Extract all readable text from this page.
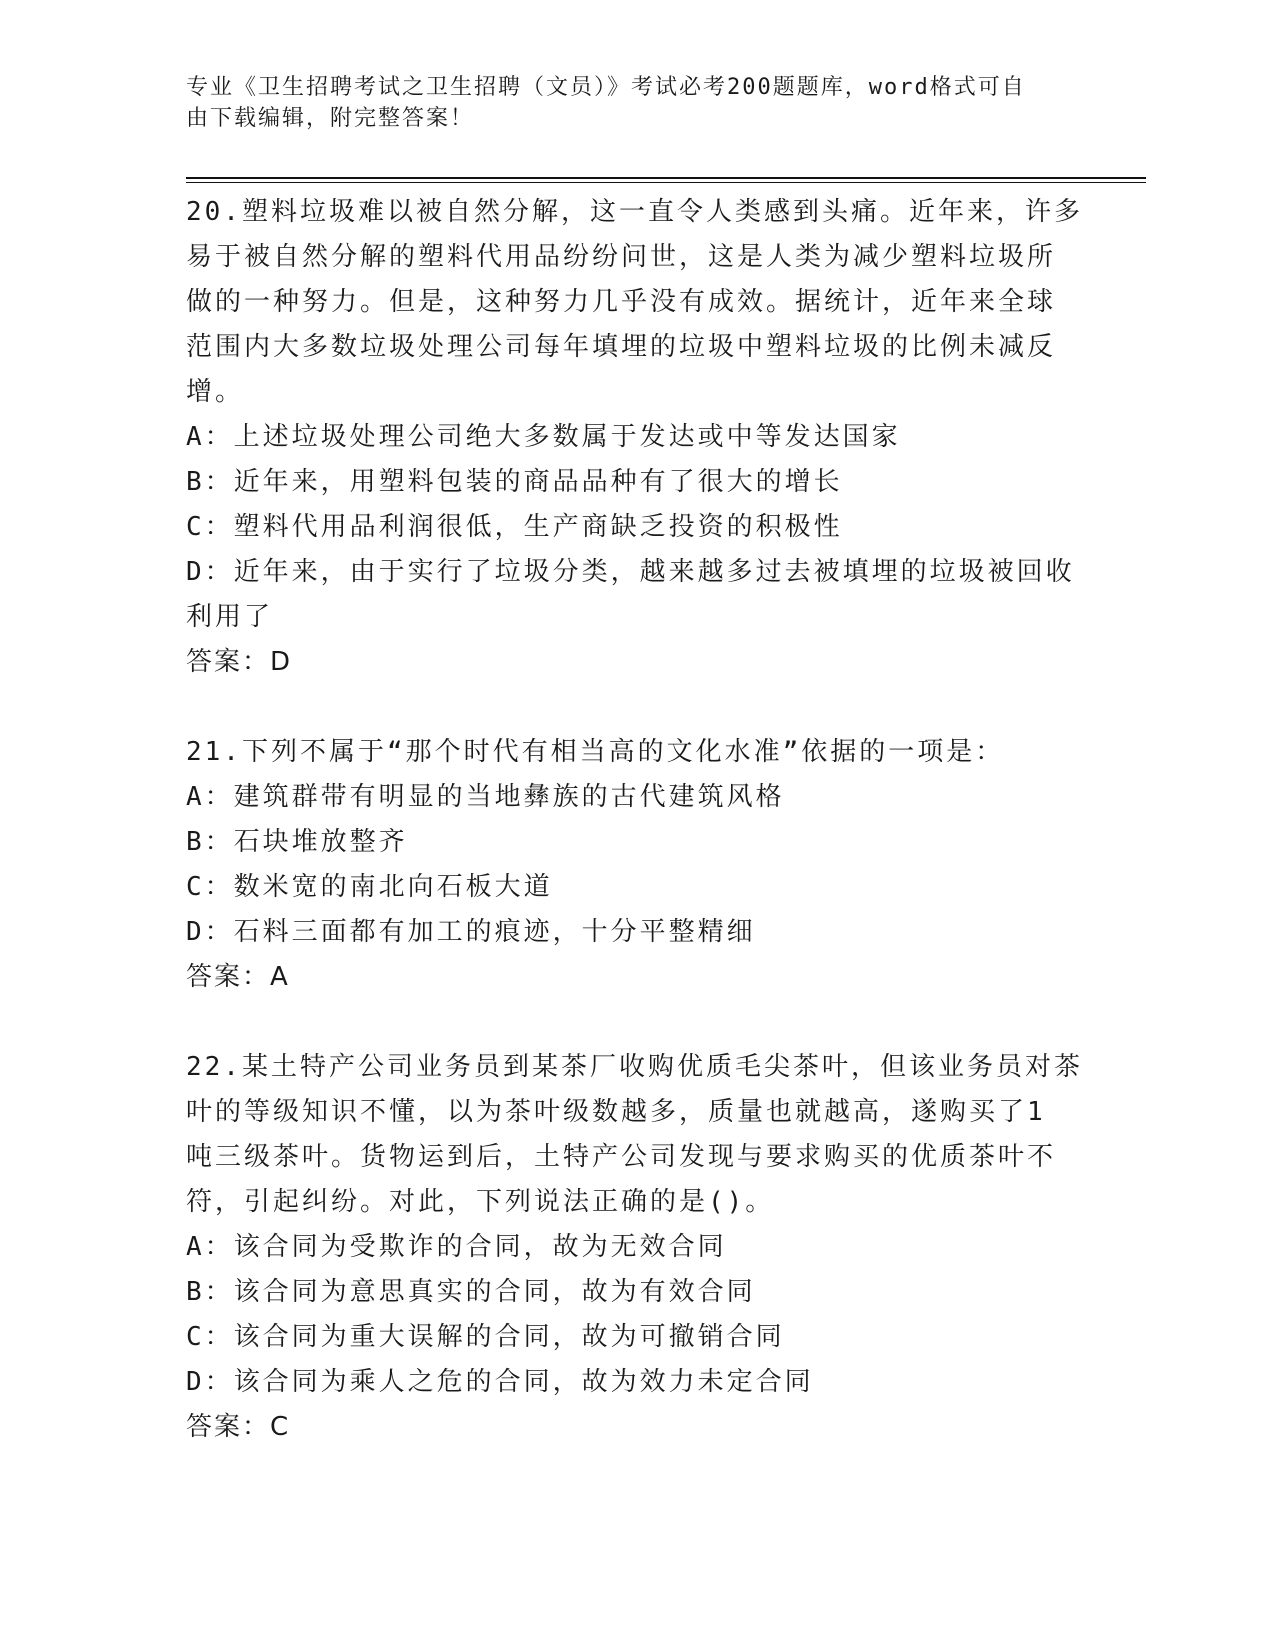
专业《卫生招聘考试之卫生招聘（文员）》考试必考200题题库，word格式可自
由下载编辑，附完整答案！
20.塑料垃圾难以被自然分解，这一直令人类感到头痛。近年来，许多
易于被自然分解的塑料代用品纷纷问世，这是人类为减少塑料垃圾所
做的一种努力。但是，这种努力几乎没有成效。据统计，近年来全球
范围内大多数垃圾处理公司每年填埋的垃圾中塑料垃圾的比例未减反
增。
A：上述垃圾处理公司绝大多数属于发达或中等发达国家
B：近年来，用塑料包装的商品品种有了很大的增长
C：塑料代用品利润很低，生产商缺乏投资的积极性
D：近年来，由于实行了垃圾分类，越来越多过去被填埋的垃圾被回收
利用了
答案：D
21.下列不属于“那个时代有相当高的文化水准”依据的一项是：
A：建筑群带有明显的当地彝族的古代建筑风格
B：石块堆放整齐
C：数米宽的南北向石板大道
D：石料三面都有加工的痕迹，十分平整精细
答案：A
22.某土特产公司业务员到某茶厂收购优质毛尖茶叶，但该业务员对茶
叶的等级知识不懂，以为茶叶级数越多，质量也就越高，遂购买了1
吨三级茶叶。货物运到后，土特产公司发现与要求购买的优质茶叶不
符，引起纠纷。对此，下列说法正确的是()。
A：该合同为受欺诈的合同，故为无效合同
B：该合同为意思真实的合同，故为有效合同
C：该合同为重大误解的合同，故为可撤销合同
D：该合同为乘人之危的合同，故为效力未定合同
答案：C
